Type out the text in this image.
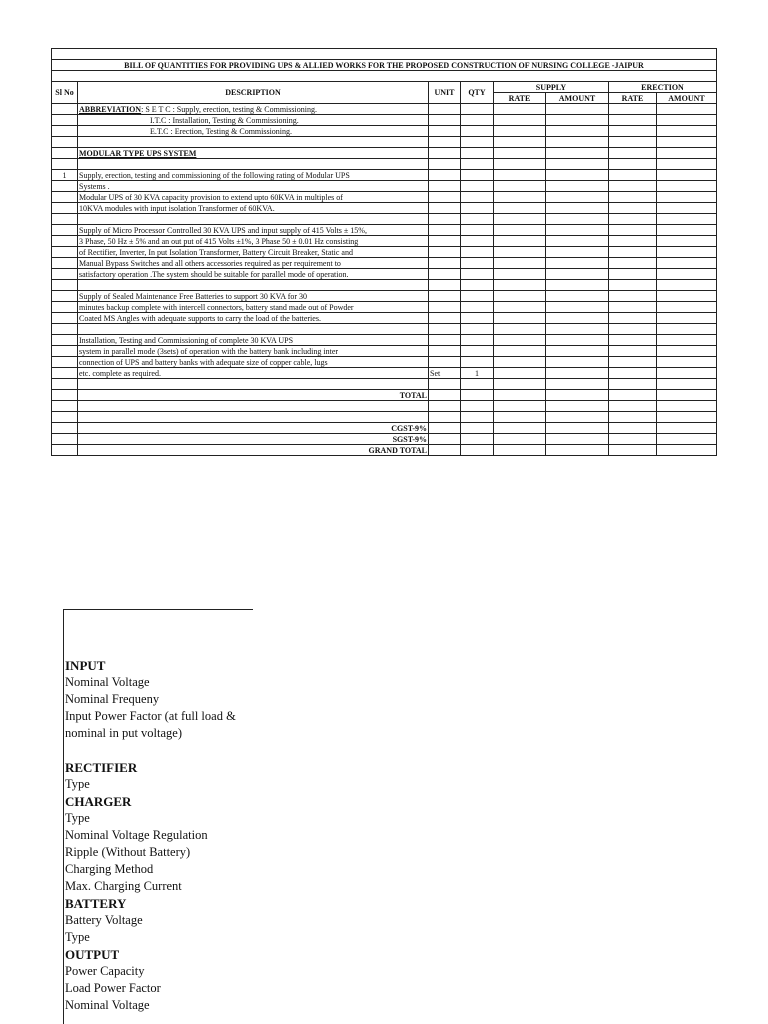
BILL OF QUANTITIES FOR PROVIDING UPS & ALLIED WORKS FOR THE PROPOSED CONSTRUCTION OF NURSING COLLEGE -JAIPUR							

Sl No	DESCRIPTION	UNIT	QTY	SUPPLY		ERECTION	
				RATE	AMOUNT	RATE	AMOUNT
	ABBREVIATION: S E T C : Supply, erection, testing & Commissioning.						
	I.T.C : Installation, Testing & Commissioning.						
	E.T.C : Erection, Testing & Commissioning.						

	MODULAR TYPE UPS SYSTEM						

1	Supply, erection, testing and commissioning of the following rating of Modular UPS						
	Systems .						
	Modular UPS of 30 KVA capacity provision to extend upto 60KVA in multiples of						
	10KVA modules with input isolation Transformer of 60KVA.						

	Supply of Micro Processor Controlled 30 KVA UPS and input supply of 415 Volts ± 15%,						
	3 Phase, 50 Hz ± 5% and an out put of 415 Volts ±1%, 3 Phase 50 ± 0.01 Hz consisting						
	of Rectifier, Inverter, In put Isolation Transformer, Battery Circuit Breaker, Static and						
	Manual Bypass Switches and all others accessories required as per requirement to						
	satisfactory operation .The system should be suitable for parallel mode of operation.						

	Supply of Sealed Maintenance Free Batteries to support 30 KVA for 30						
	minutes backup complete with intercell connectors, battery stand made out of Powder						
	Coated MS Angles with adequate supports to carry the load of the batteries.						

	Installation, Testing and Commissioning of complete 30 KVA UPS						
	system in parallel mode (3sets) of operation with the battery bank including inter						
	connection of UPS and battery banks with adequate size of copper cable, lugs						
	etc. complete as required.	Set	1				

	TOTAL						

	CGST-9%						
	SGST-9%						
	GRAND TOTAL						
INPUT
Nominal Voltage
Nominal Frequeny
Input Power Factor (at full load &
nominal in put voltage)

RECTIFIER
Type
CHARGER
Type
Nominal Voltage Regulation
Ripple (Without Battery)
Charging Method
Max. Charging Current
BATTERY
Battery Voltage
Type
OUTPUT
Power Capacity
Load Power Factor
Nominal Voltage
